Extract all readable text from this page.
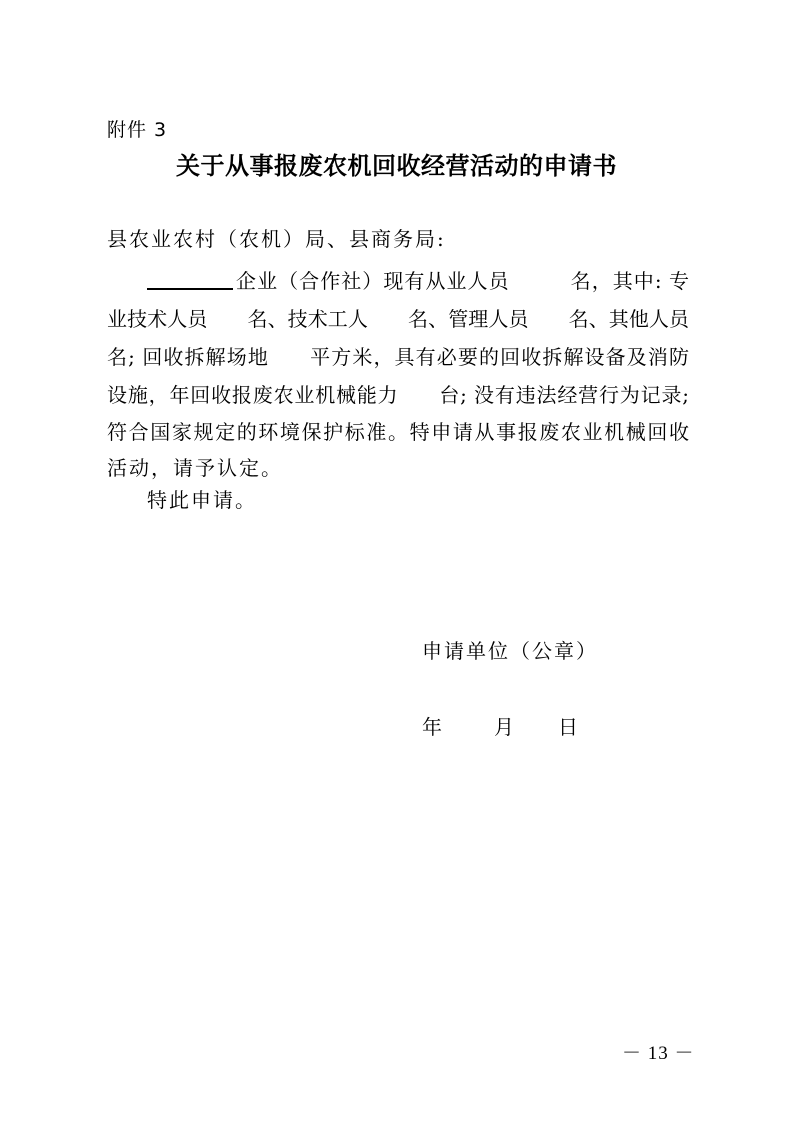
附件 3
关于从事报废农机回收经营活动的申请书
县农业农村（农机）局、县商务局:
企业（合作社）现有从业人员	名，其中: 专
业技术人员 名、技术工人 名、管理人员 名、其他人员
名; 回收拆解场地 平方米，具有必要的回收拆解设备及消防
设施，年回收报废农业机械能力 台; 没有违法经营行为记录;
符合国家规定的环境保护标准。特申请从事报废农业机械回收
活动，请予认定。
特此申请。
申请单位（公章）
年	月 日
－ 13 －
